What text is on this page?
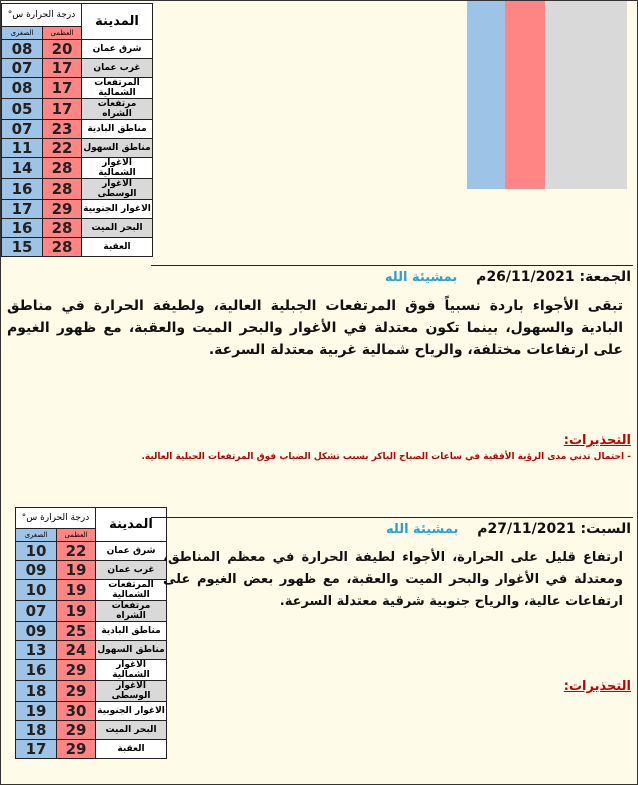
المدينة	درجة الحرارة س°	
	العظمى	الصغرى
شرق عمان	20	08
غرب عمان	17	07
المرتفعات الشمالية	17	08
مرتفعات الشراه	17	05
مناطق البادية	23	07
مناطق السهول	22	11
الاغوار الشمالية	28	14
الاغوار الوسطى	28	16
الاغوار الجنوبية	29	17
البحر الميت	28	16
العقبة	28	15
الجمعة: 26/11/2021م بمشيئة الله
تبقى الأجواء باردة نسبياً فوق المرتفعات الجبلية العالية، ولطيفة الحرارة في مناطق البادية والسهول، بينما تكون معتدلة في الأغوار والبحر الميت والعقبة، مع ظهور الغيوم على ارتفاعات مختلفة، والرياح شمالية غربية معتدلة السرعة.
التحذيرات:
- احتمال تدني مدى الرؤية الأفقية في ساعات الصباح الباكر بسبب تشكل الضباب فوق المرتفعات الجبلية العالية.
المدينة	درجة الحرارة س°	
	العظمى	الصغرى
شرق عمان	22	10
غرب عمان	19	09
المرتفعات الشمالية	19	10
مرتفعات الشراه	19	07
مناطق البادية	25	09
مناطق السهول	24	13
الاغوار الشمالية	29	16
الاغوار الوسطى	29	18
الاغوار الجنوبية	30	19
البحر الميت	29	18
العقبة	29	17
السبت: 27/11/2021م بمشيئة الله
ارتفاع قليل على الحرارة، الأجواء لطيفة الحرارة في معظم المناطق، ومعتدلة في الأغوار والبحر الميت والعقبة، مع ظهور بعض الغيوم على ارتفاعات عالية، والرياح جنوبية شرقية معتدلة السرعة.
التحذيرات:
